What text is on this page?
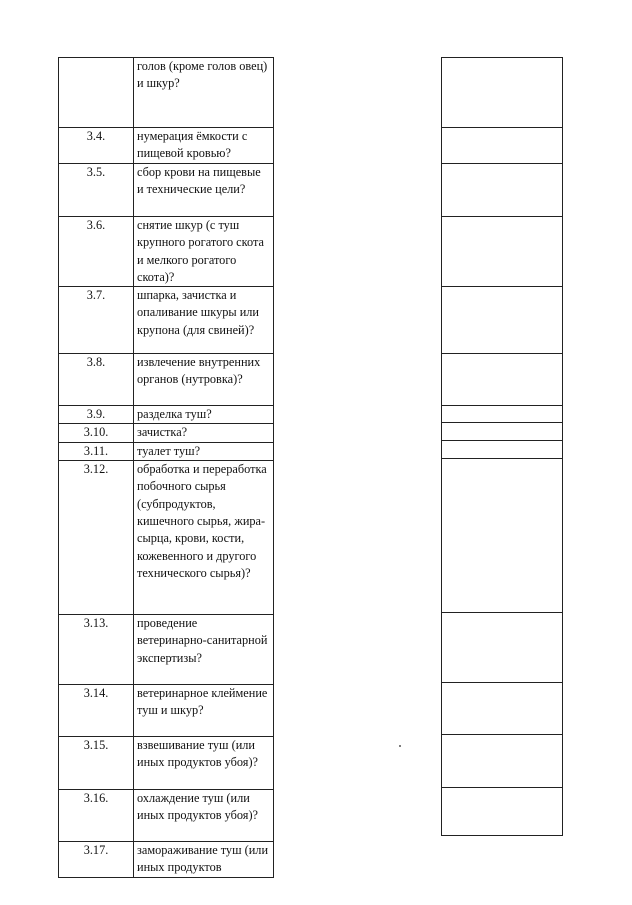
	голов (кроме голов овец) и шкур?
3.4.	нумерация ёмкости с пищевой кровью?
3.5.	сбор крови на пищевые и технические цели?
3.6.	снятие шкур (с туш крупного рогатого скота и мелкого рогатого скота)?
3.7.	шпарка, зачистка и опаливание шкуры или крупона (для свиней)?
3.8.	извлечение внутренних органов (нутровка)?
3.9.	разделка туш?
3.10.	зачистка?
3.11.	туалет туш?
3.12.	обработка и переработка побочного сырья (субпродуктов, кишечного сырья, жира-сырца, крови, кости, кожевенного и другого технического сырья)?
3.13.	проведение ветеринарно-санитарной экспертизы?
3.14.	ветеринарное клеймение туш и шкур?
3.15.	взвешивание туш (или иных продуктов убоя)?
3.16.	охлаждение туш (или иных продуктов убоя)?
3.17.	замораживание туш (или иных продуктов
